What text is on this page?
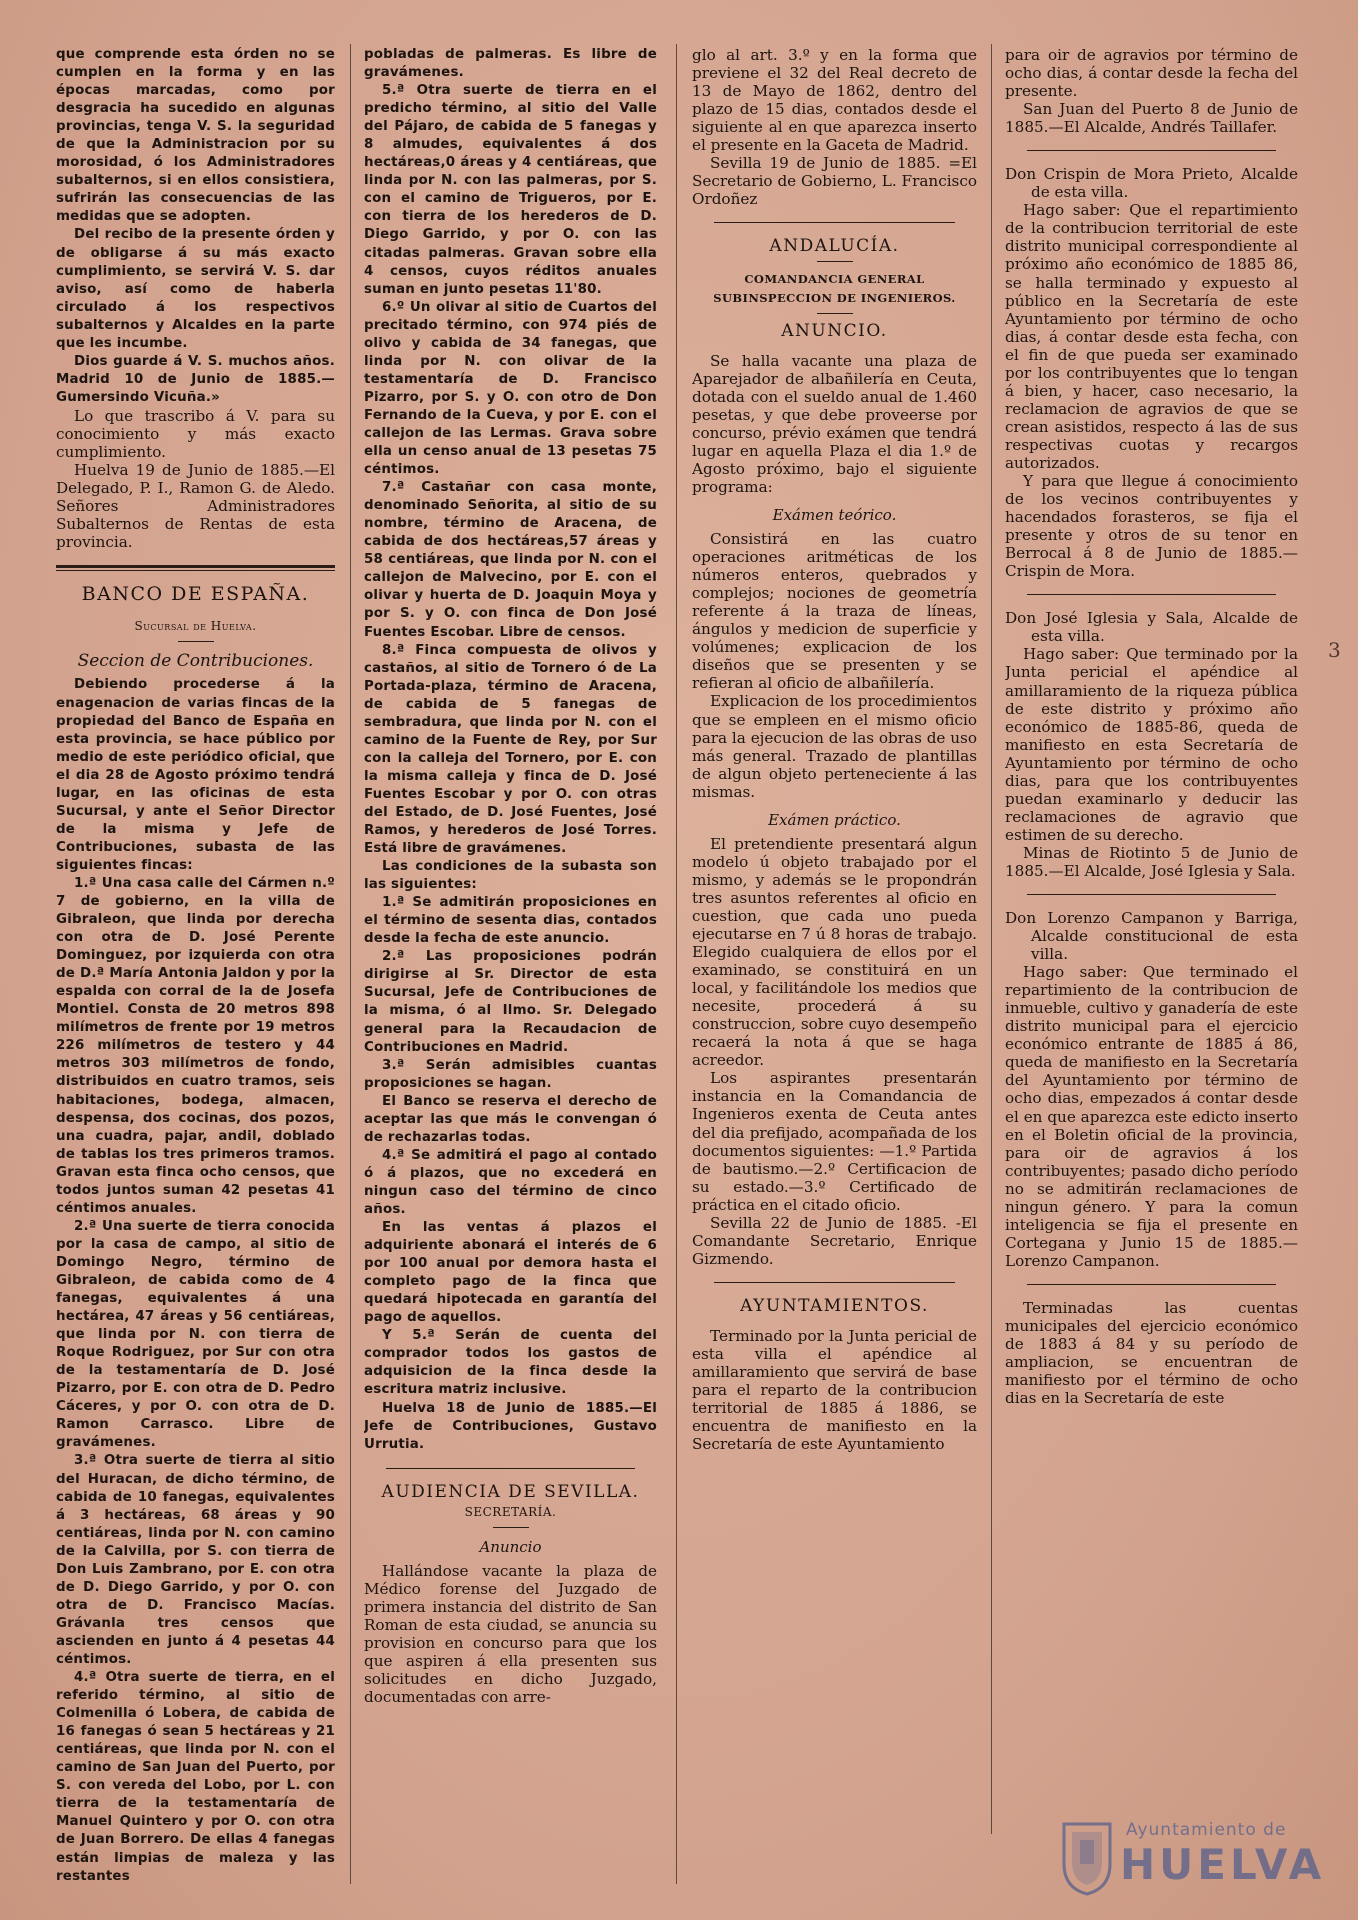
que comprende esta órden no se cumplen en la forma y en las épocas marcadas, como por desgracia ha sucedido en algunas provincias, tenga V. S. la seguridad de que la Administracion por su morosidad, ó los Administradores subalternos, si en ellos consistiera, sufrirán las consecuencias de las medidas que se adopten.

Del recibo de la presente órden y de obligarse á su más exacto cumplimiento, se servirá V. S. dar aviso, así como de haberla circulado á los respectivos subalternos y Alcaldes en la parte que les incumbe.

Dios guarde á V. S. muchos años. Madrid 10 de Junio de 1885.—Gumersindo Vicuña.»

Lo que trascribo á V. para su conocimiento y más exacto cumplimiento.

Huelva 19 de Junio de 1885.—El Delegado, P. I., Ramon G. de Aledo. Señores Administradores Subalternos de Rentas de esta provincia.

BANCO DE ESPAÑA.
Sucursal de Huelva.
Seccion de Contribuciones.

Debiendo procederse á la enagenacion de varias fincas de la propiedad del Banco de España en esta provincia, se hace público por medio de este periódico oficial, que el dia 28 de Agosto próximo tendrá lugar, en las oficinas de esta Sucursal, y ante el Señor Director de la misma y Jefe de Contribuciones, subasta de las siguientes fincas:

1.ª Una casa calle del Cármen n.º 7 de gobierno, en la villa de Gibraleon, que linda por derecha con otra de D. José Perente Dominguez, por izquierda con otra de D.ª María Antonia Jaldon y por la espalda con corral de la de Josefa Montiel. Consta de 20 metros 898 milímetros de frente por 19 metros 226 milímetros de testero y 44 metros 303 milímetros de fondo, distribuidos en cuatro tramos, seis habitaciones, bodega, almacen, despensa, dos cocinas, dos pozos, una cuadra, pajar, andil, doblado de tablas los tres primeros tramos. Gravan esta finca ocho censos, que todos juntos suman 42 pesetas 41 céntimos anuales.

2.ª Una suerte de tierra conocida por la casa de campo, al sitio de Domingo Negro, término de Gibraleon, de cabida como de 4 fanegas, equivalentes á una hectárea, 47 áreas y 56 centiáreas, que linda por N. con tierra de Roque Rodriguez, por Sur con otra de la testamentaría de D. José Pizarro, por E. con otra de D. Pedro Cáceres, y por O. con otra de D. Ramon Carrasco. Libre de gravámenes.

3.ª Otra suerte de tierra al sitio del Huracan, de dicho término, de cabida de 10 fanegas, equivalentes á 3 hectáreas, 68 áreas y 90 centiáreas, linda por N. con camino de la Calvilla, por S. con tierra de Don Luis Zambrano, por E. con otra de D. Diego Garrido, y por O. con otra de D. Francisco Macías. Grávanla tres censos que ascienden en junto á 4 pesetas 44 céntimos.

4.ª Otra suerte de tierra, en el referido término, al sitio de Colmenilla ó Lobera, de cabida de 16 fanegas ó sean 5 hectáreas y 21 centiáreas, que linda por N. con el camino de San Juan del Puerto, por S. con vereda del Lobo, por L. con tierra de la testamentaría de Manuel Quintero y por O. con otra de Juan Borrero. De ellas 4 fanegas están limpias de maleza y las restantes

pobladas de palmeras. Es libre de gravámenes.

5.ª Otra suerte de tierra en el predicho término, al sitio del Valle del Pájaro, de cabida de 5 fanegas y 8 almudes, equivalentes á dos hectáreas,0 áreas y 4 centiáreas, que linda por N. con las palmeras, por S. con el camino de Trigueros, por E. con tierra de los herederos de D. Diego Garrido, y por O. con las citadas palmeras. Gravan sobre ella 4 censos, cuyos réditos anuales suman en junto pesetas 11'80.

6.º Un olivar al sitio de Cuartos del precitado término, con 974 piés de olivo y cabida de 34 fanegas, que linda por N. con olivar de la testamentaría de D. Francisco Pizarro, por S. y O. con otro de Don Fernando de la Cueva, y por E. con el callejon de las Lermas. Grava sobre ella un censo anual de 13 pesetas 75 céntimos.

7.ª Castañar con casa monte, denominado Señorita, al sitio de su nombre, término de Aracena, de cabida de dos hectáreas,57 áreas y 58 centiáreas, que linda por N. con el callejon de Malvecino, por E. con el olivar y huerta de D. Joaquin Moya y por S. y O. con finca de Don José Fuentes Escobar. Libre de censos.

8.ª Finca compuesta de olivos y castaños, al sitio de Tornero ó de La Portada-plaza, término de Aracena, de cabida de 5 fanegas de sembradura, que linda por N. con el camino de la Fuente de Rey, por Sur con la calleja del Tornero, por E. con la misma calleja y finca de D. José Fuentes Escobar y por O. con otras del Estado, de D. José Fuentes, José Ramos, y herederos de José Torres. Está libre de gravámenes.

Las condiciones de la subasta son las siguientes:

1.ª Se admitirán proposiciones en el término de sesenta dias, contados desde la fecha de este anuncio.

2.ª Las proposiciones podrán dirigirse al Sr. Director de esta Sucursal, Jefe de Contribuciones de la misma, ó al Ilmo. Sr. Delegado general para la Recaudacion de Contribuciones en Madrid.

3.ª Serán admisibles cuantas proposiciones se hagan.

El Banco se reserva el derecho de aceptar las que más le convengan ó de rechazarlas todas.

4.ª Se admitirá el pago al contado ó á plazos, que no excederá en ningun caso del término de cinco años.

En las ventas á plazos el adquiriente abonará el interés de 6 por 100 anual por demora hasta el completo pago de la finca que quedará hipotecada en garantía del pago de aquellos.

Y 5.ª Serán de cuenta del comprador todos los gastos de adquisicion de la finca desde la escritura matriz inclusive.

Huelva 18 de Junio de 1885.—El Jefe de Contribuciones, Gustavo Urrutia.

AUDIENCIA DE SEVILLA.
SECRETARÍA.
Anuncio

Hallándose vacante la plaza de Médico forense del Juzgado de primera instancia del distrito de San Roman de esta ciudad, se anuncia su provision en concurso para que los que aspiren á ella presenten sus solicitudes en dicho Juzgado, documentadas con arre-

glo al art. 3.º y en la forma que previene el 32 del Real decreto de 13 de Mayo de 1862, dentro del plazo de 15 dias, contados desde el siguiente al en que aparezca inserto el presente en la Gaceta de Madrid.

Sevilla 19 de Junio de 1885. =El Secretario de Gobierno, L. Francisco Ordoñez

ANDALUCÍA.
COMANDANCIA GENERAL SUBINSPECCION DE INGENIEROS.
ANUNCIO.

Se halla vacante una plaza de Aparejador de albañilería en Ceuta, dotada con el sueldo anual de 1.460 pesetas, y que debe proveerse por concurso, prévio exámen que tendrá lugar en aquella Plaza el dia 1.º de Agosto próximo, bajo el siguiente programa:

Exámen teórico.

Consistirá en las cuatro operaciones aritméticas de los números enteros, quebrados y complejos; nociones de geometría referente á la traza de líneas, ángulos y medicion de superficie y volúmenes; explicacion de los diseños que se presenten y se refieran al oficio de albañilería.

Explicacion de los procedimientos que se empleen en el mismo oficio para la ejecucion de las obras de uso más general. Trazado de plantillas de algun objeto perteneciente á las mismas.

Exámen práctico.

El pretendiente presentará algun modelo ú objeto trabajado por el mismo, y además se le propondrán tres asuntos referentes al oficio en cuestion, que cada uno pueda ejecutarse en 7 ú 8 horas de trabajo. Elegido cualquiera de ellos por el examinado, se constituirá en un local, y facilitándole los medios que necesite, procederá á su construccion, sobre cuyo desempeño recaerá la nota á que se haga acreedor.

Los aspirantes presentarán instancia en la Comandancia de Ingenieros exenta de Ceuta antes del dia prefijado, acompañada de los documentos siguientes: —1.º Partida de bautismo.—2.º Certificacion de su estado.—3.º Certificado de práctica en el citado oficio.

Sevilla 22 de Junio de 1885. -El Comandante Secretario, Enrique Gizmendo.

AYUNTAMIENTOS.

Terminado por la Junta pericial de esta villa el apéndice al amillaramiento que servirá de base para el reparto de la contribucion territorial de 1885 á 1886, se encuentra de manifiesto en la Secretaría de este Ayuntamiento

para oir de agravios por término de ocho dias, á contar desde la fecha del presente.

San Juan del Puerto 8 de Junio de 1885.—El Alcalde, Andrés Taillafer.

Don Crispin de Mora Prieto, Alcalde de esta villa.

Hago saber: Que el repartimiento de la contribucion territorial de este distrito municipal correspondiente al próximo año económico de 1885 86, se halla terminado y expuesto al público en la Secretaría de este Ayuntamiento por término de ocho dias, á contar desde esta fecha, con el fin de que pueda ser examinado por los contribuyentes que lo tengan á bien, y hacer, caso necesario, la reclamacion de agravios de que se crean asistidos, respecto á las de sus respectivas cuotas y recargos autorizados.

Y para que llegue á conocimiento de los vecinos contribuyentes y hacendados forasteros, se fija el presente y otros de su tenor en Berrocal á 8 de Junio de 1885.—Crispin de Mora.

Don José Iglesia y Sala, Alcalde de esta villa.

Hago saber: Que terminado por la Junta pericial el apéndice al amillaramiento de la riqueza pública de este distrito y próximo año económico de 1885-86, queda de manifiesto en esta Secretaría de Ayuntamiento por término de ocho dias, para que los contribuyentes puedan examinarlo y deducir las reclamaciones de agravio que estimen de su derecho.

Minas de Riotinto 5 de Junio de 1885.—El Alcalde, José Iglesia y Sala.

Don Lorenzo Campanon y Barriga, Alcalde constitucional de esta villa.

Hago saber: Que terminado el repartimiento de la contribucion de inmueble, cultivo y ganadería de este distrito municipal para el ejercicio económico entrante de 1885 á 86, queda de manifiesto en la Secretaría del Ayuntamiento por término de ocho dias, empezados á contar desde el en que aparezca este edicto inserto en el Boletin oficial de la provincia, para oir de agravios á los contribuyentes; pasado dicho período no se admitirán reclamaciones de ningun género. Y para la comun inteligencia se fija el presente en Cortegana y Junio 15 de 1885.—Lorenzo Campanon.

Terminadas las cuentas municipales del ejercicio económico de 1883 á 84 y su período de ampliacion, se encuentran de manifiesto por el término de ocho dias en la Secretaría de este

3
Ayuntamiento de
HUELVA
